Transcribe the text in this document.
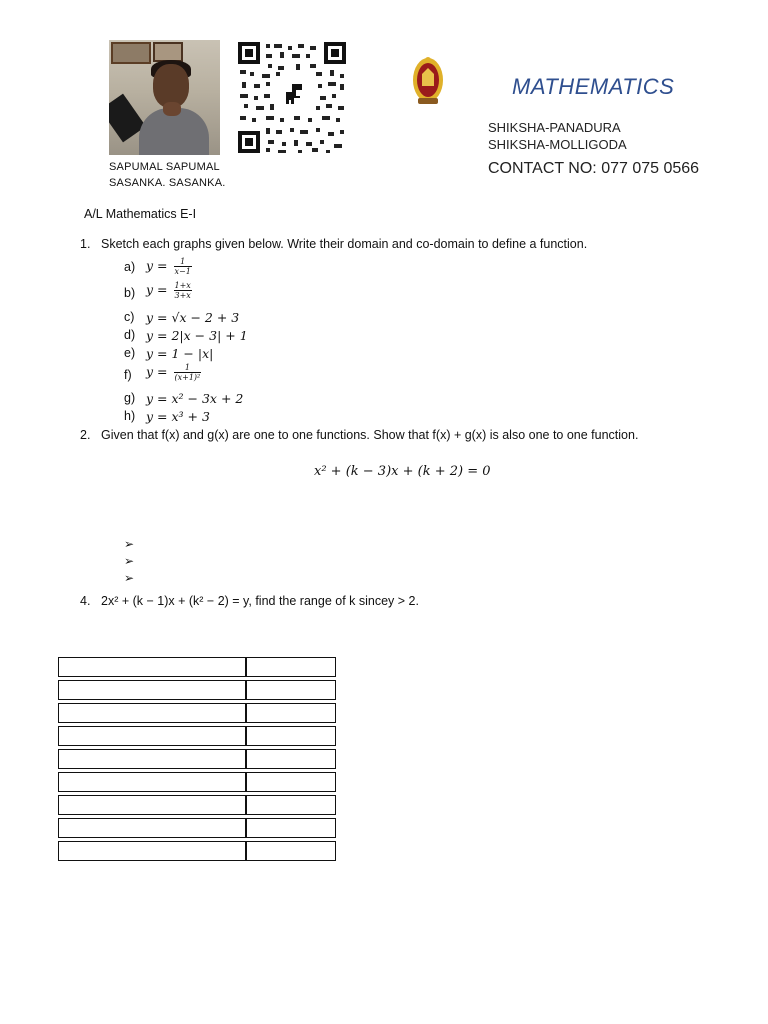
SAPUMAL SAPUMAL
SASANKA. SASANKA.
MATHEMATICS
SHIKSHA-PANADURA
SHIKSHA-MOLLIGODA
CONTACT NO: 077 075 0566
A/L Mathematics E-I
1. Sketch each graphs given below. Write their domain and co-domain to define a function.
a) $y = \frac{1}{x-1}$
b) $y = \frac{1+x}{3+x}$
c) y = √x − 2 + 3
d) y = 2|x − 3| + 1
e) y = 1 − |x|
f) $y = \frac{1}{\text{(x+1)²}}$
g) y = x² − 3x + 2
h) y = x³ + 3
2. Given that f(x) and g(x) are one to one functions. Show that f(x) + g(x) is also one to one function.
x² + (k − 3)x + (k + 2) = 0
➢
➢
➢
4. 2x² + (k − 1)x + (k² − 2) = y, find the range of k sincey > 2.
